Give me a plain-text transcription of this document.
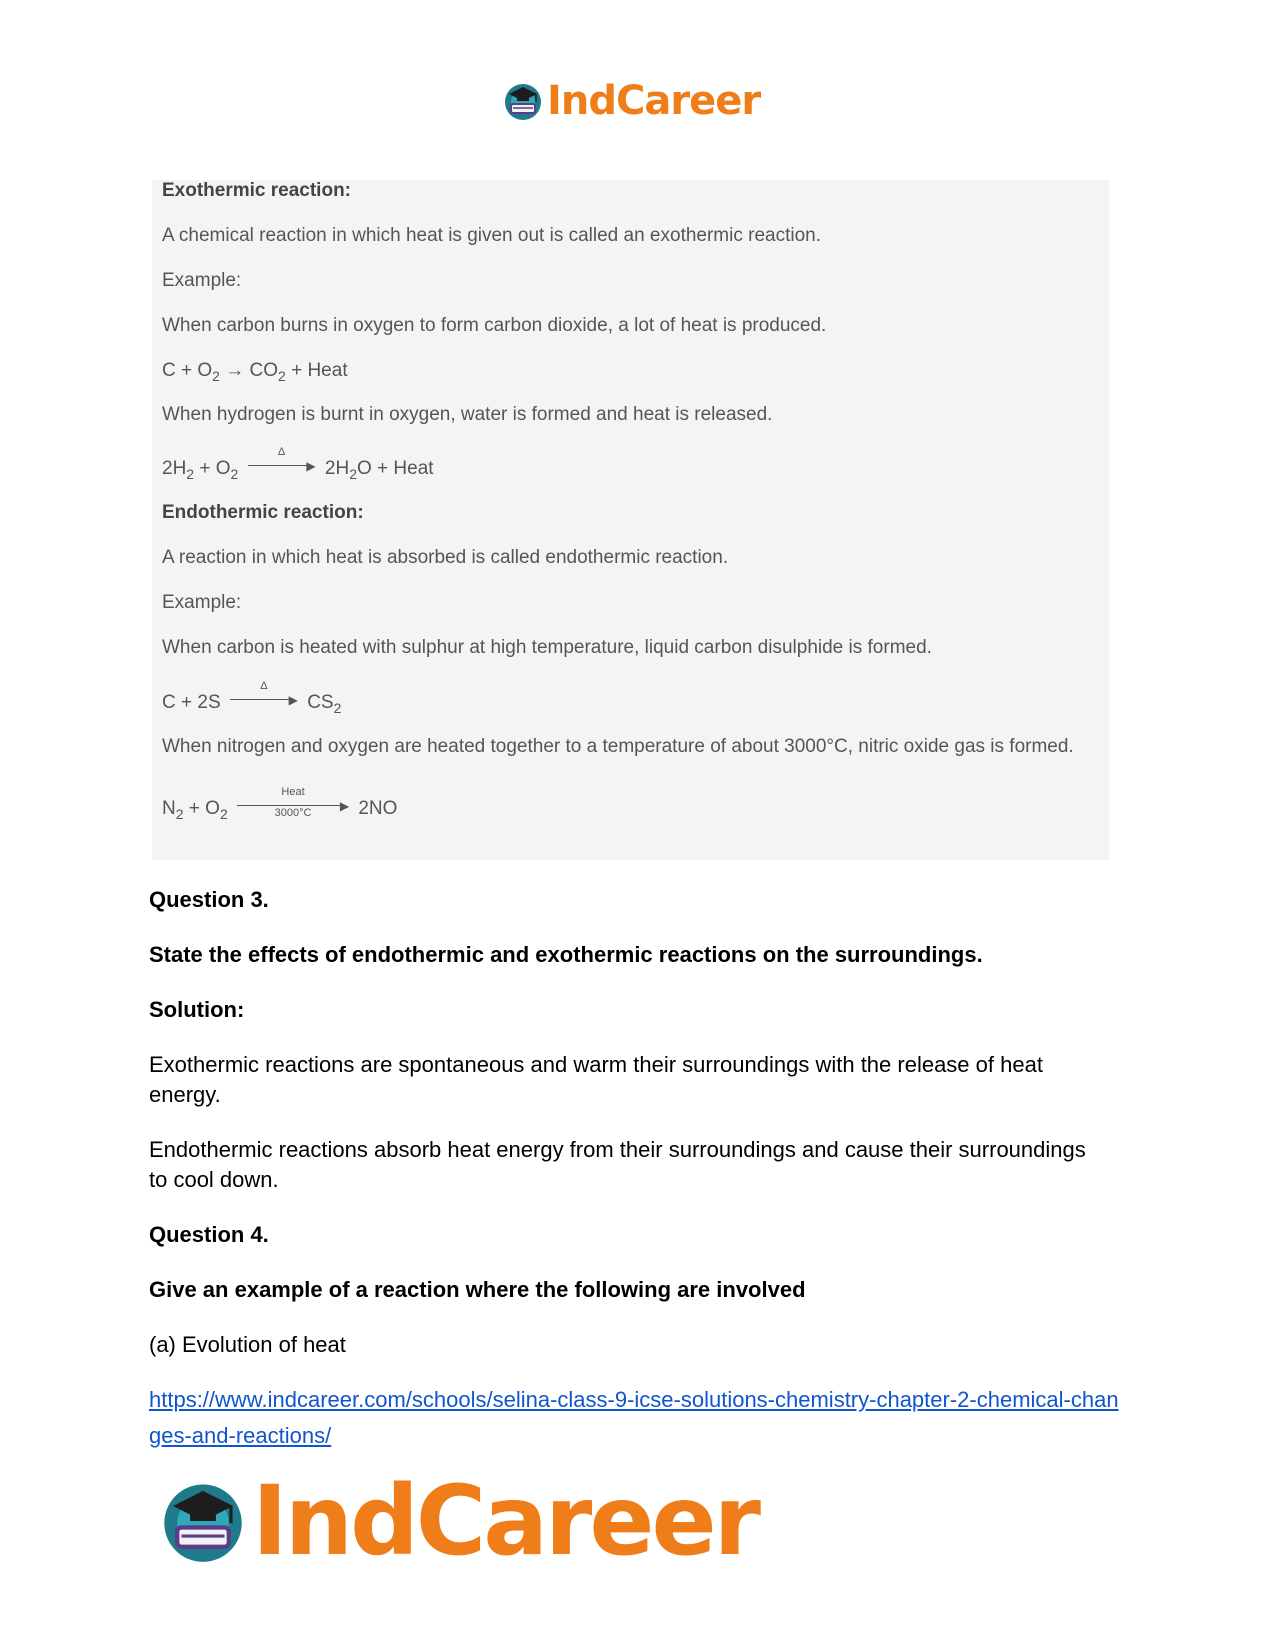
IndCareer
Exothermic reaction:
A chemical reaction in which heat is given out is called an exothermic reaction.
Example:
When carbon burns in oxygen to form carbon dioxide, a lot of heat is produced.
$C + O_2 \to CO_2$ + Heat
When hydrogen is burnt in oxygen, water is formed and heat is released.
$2H_2 + O_2$
Δ
▶ $2H_2O$ + Heat
Endothermic reaction:
A reaction in which heat is absorbed is called endothermic reaction.
Example:
When carbon is heated with sulphur at high temperature, liquid carbon disulphide is formed.
C + 2S
Δ
▶ $CS_2$
When nitrogen and oxygen are heated together to a temperature of about 3000°C, nitric oxide gas is formed.
$N_2 + O_2$
Heat
▶
3000°C	2NO
Question 3.
State the effects of endothermic and exothermic reactions on the surroundings.
Solution:
Exothermic reactions are spontaneous and warm their surroundings with the release of heat energy.
Endothermic reactions absorb heat energy from their surroundings and cause their surroundings to cool down.
Question 4.
Give an example of a reaction where the following are involved
(a) Evolution of heat
https://www.indcareer.com/schools/selina-class-9-icse-solutions-chemistry-chapter-2-chemical-changes-and-reactions/
IndCareer
